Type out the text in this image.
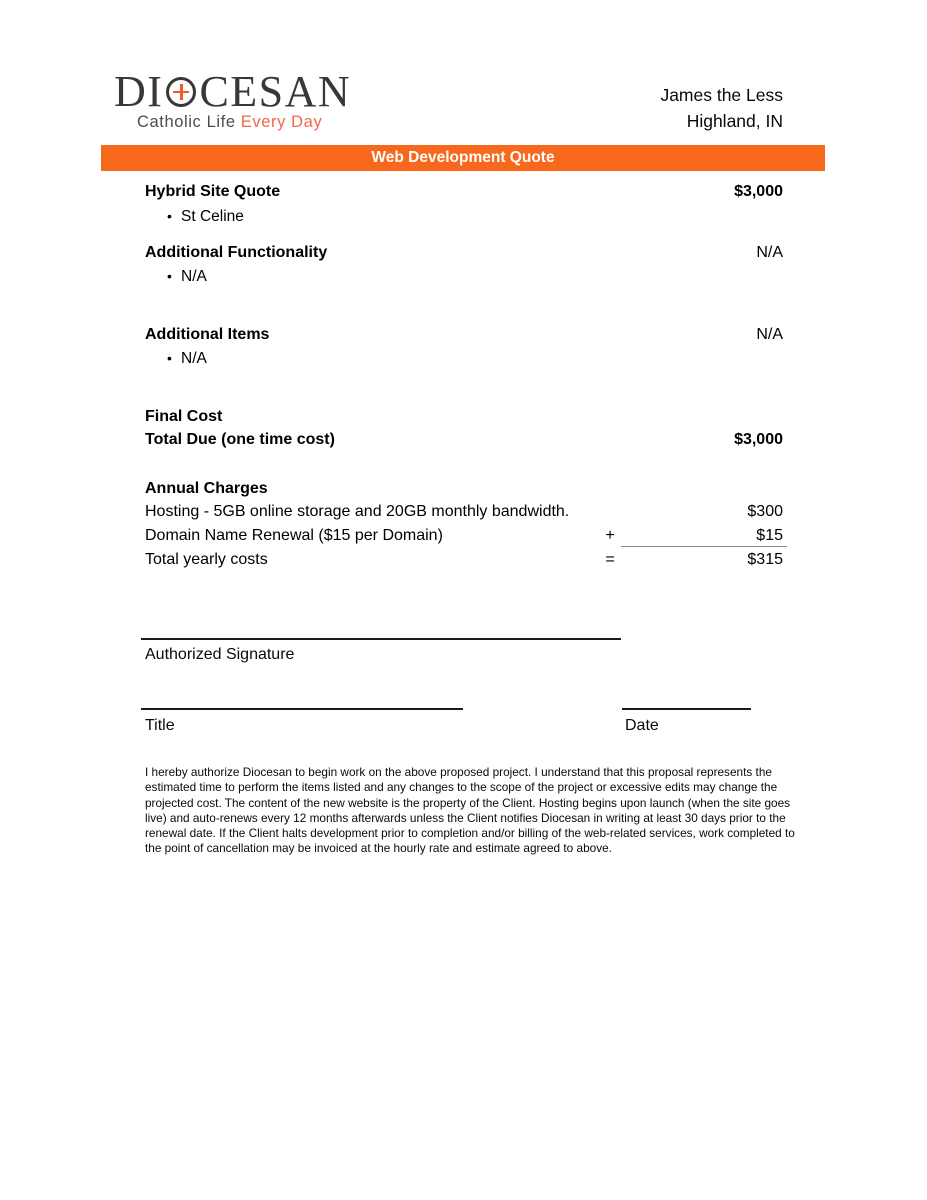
DI CESAN
Catholic Life Every Day
James the Less
Highland, IN
Web Development Quote
Hybrid Site Quote	$3,000
• St Celine
Additional Functionality	N/A
• N/A
Additional Items	N/A
• N/A
Final Cost
Total Due (one time cost)	$3,000
Annual Charges
Hosting - 5GB online storage and 20GB monthly bandwidth.	$300
Domain Name Renewal ($15 per Domain)	+	$15
Total yearly costs	=	$315
Authorized Signature
Title	Date
I hereby authorize Diocesan to begin work on the above proposed project. I understand that this proposal represents the estimated time to perform the items listed and any changes to the scope of the project or excessive edits may change the projected cost. The content of the new website is the property of the Client. Hosting begins upon launch (when the site goes live) and auto-renews every 12 months afterwards unless the Client notifies Diocesan in writing at least 30 days prior to the renewal date. If the Client halts development prior to completion and/or billing of the web-related services, work completed to the point of cancellation may be invoiced at the hourly rate and estimate agreed to above.
